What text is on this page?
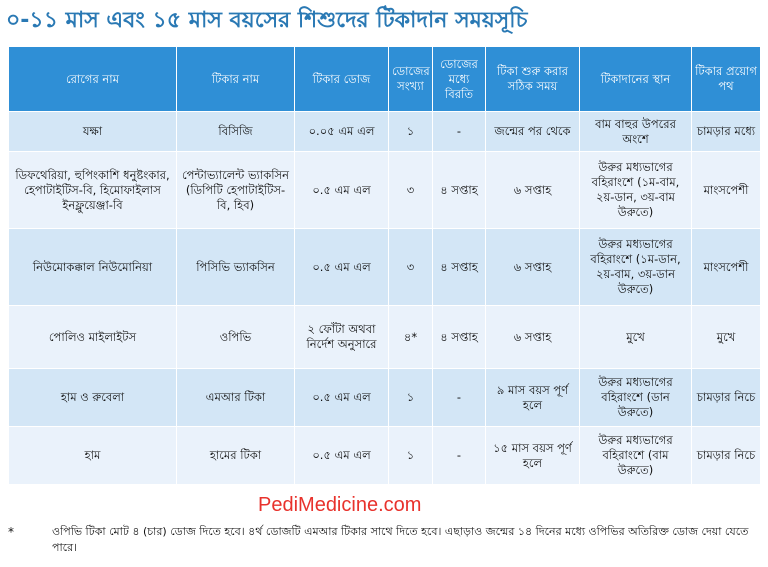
০-১১ মাস এবং ১৫ মাস বয়সের শিশুদের টিকাদান সময়সূচি
রোগের নাম	টিকার নাম	টিকার ডোজ	ডোজের সংখ্যা	ডোজের মধ্যে বিরতি	টিকা শুরু করার সঠিক সময়	টিকাদানের স্থান	টিকার প্রয়োগ পথ
যক্ষা	বিসিজি	০.০৫ এম এল	১	-	জন্মের পর থেকে	বাম বাহুর উপরের অংশে	চামড়ার মধ্যে
ডিফথেরিয়া, হুপিংকাশি ধনুষ্টংকার, হেপাটাইটিস-বি, হিমোফাইলাস ইনফ্লুয়েঞ্জা-বি	পেন্টাভ্যালেন্ট ভ্যাকসিন (ডিপিটি হেপাটাইটিস-বি, হিব)	০.৫ এম এল	৩	৪ সপ্তাহ	৬ সপ্তাহ	উরুর মধ্যভাগের বহিরাংশে (১ম-বাম, ২য়-ডান, ৩য়-বাম উরুতে)	মাংসপেশী
নিউমোকক্কাল নিউমোনিয়া	পিসিভি ভ্যাকসিন	০.৫ এম এল	৩	৪ সপ্তাহ	৬ সপ্তাহ	উরুর মধ্যভাগের বহিরাংশে (১ম-ডান, ২য়-বাম, ৩য়-ডান উরুতে)	মাংসপেশী
পোলিও মাইলাইটস	ওপিভি	২ ফোঁটা অথবা নির্দেশ অনুসারে	৪*	৪ সপ্তাহ	৬ সপ্তাহ	মুখে	মুখে
হাম ও রুবেলা	এমআর টিকা	০.৫ এম এল	১	-	৯ মাস বয়স পূর্ণ হলে	উরুর মধ্যভাগের বহিরাংশে (ডান উরুতে)	চামড়ার নিচে
হাম	হামের টিকা	০.৫ এম এল	১	-	১৫ মাস বয়স পূর্ণ হলে	উরুর মধ্যভাগের বহিরাংশে (বাম উরুতে)	চামড়ার নিচে
PediMedicine.com
*	ওপিভি টিকা মোট ৪ (চার) ডোজ দিতে হবে। ৪র্থ ডোজটি এমআর টিকার সাথে দিতে হবে। এছাড়াও জন্মের ১৪ দিনের মধ্যে ওপিভির অতিরিক্ত ডোজ দেয়া যেতে পারে।
